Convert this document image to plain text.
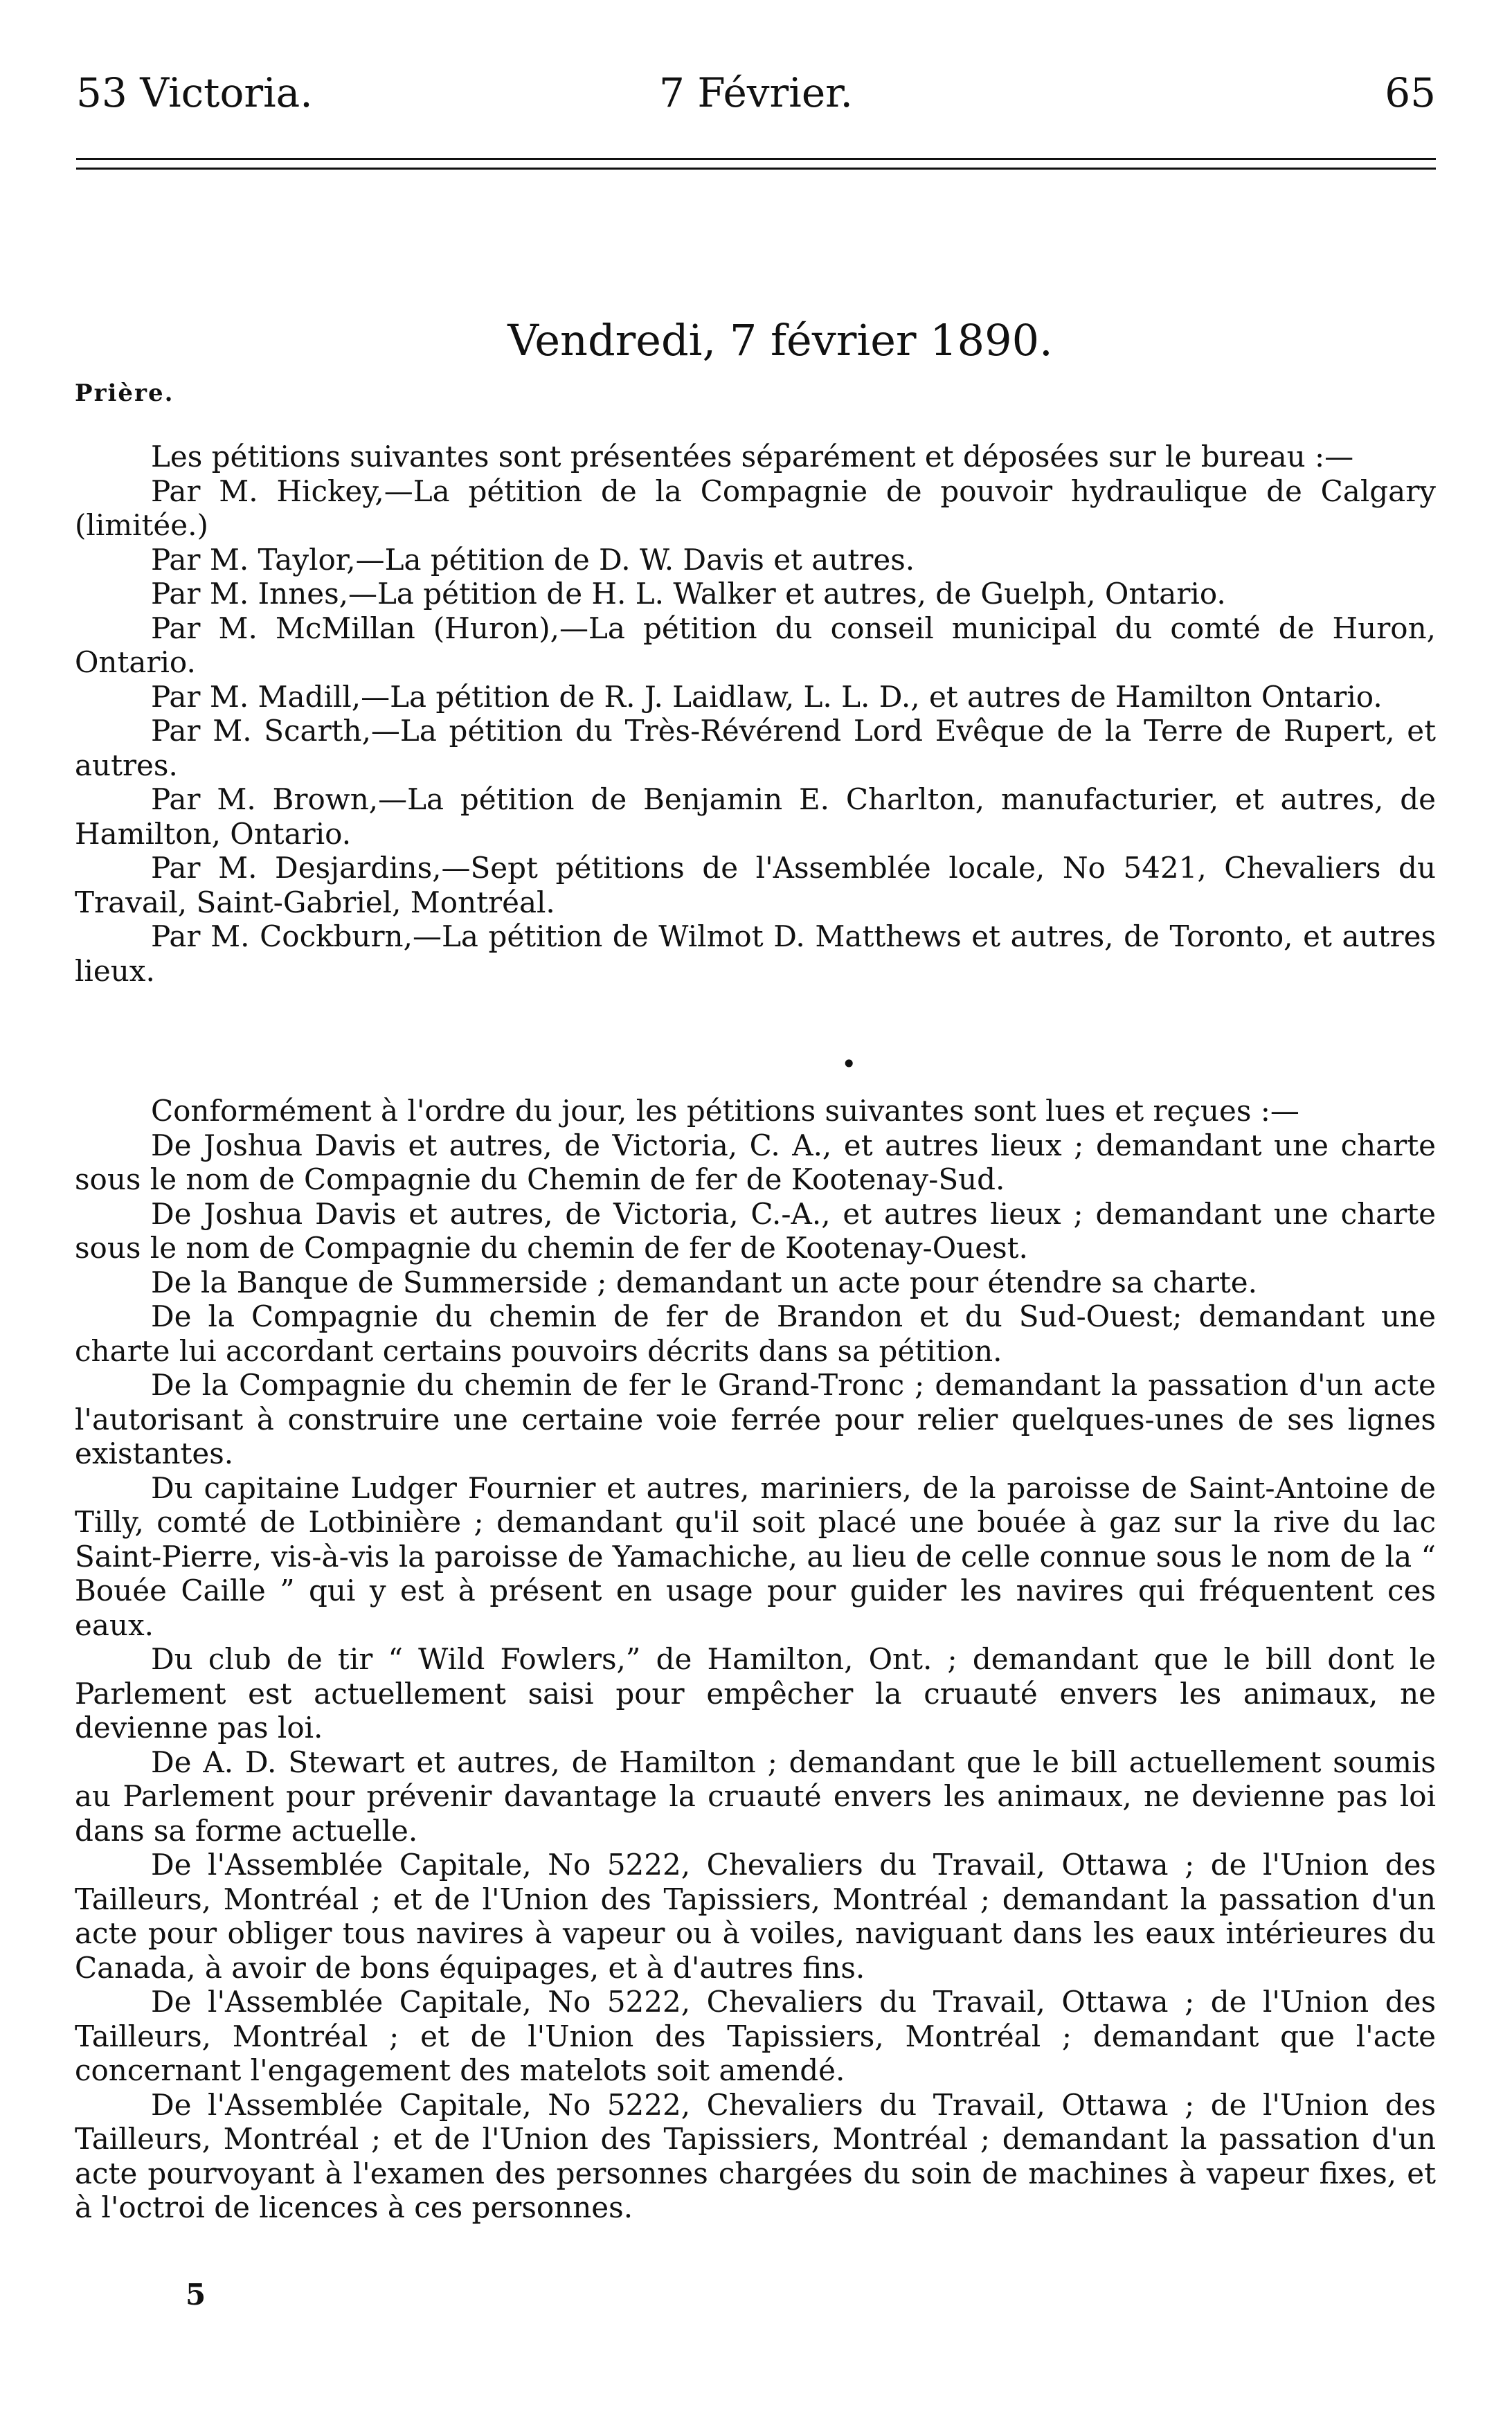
53 Victoria.	7 Février.	65
Vendredi, 7 février 1890.
Prière.

Les pétitions suivantes sont présentées séparément et déposées sur le bureau :—

Par M. Hickey,—La pétition de la Compagnie de pouvoir hydraulique de Calgary (limitée.)

Par M. Taylor,—La pétition de D. W. Davis et autres.

Par M. Innes,—La pétition de H. L. Walker et autres, de Guelph, Ontario.

Par M. McMillan (Huron),—La pétition du conseil municipal du comté de Huron, Ontario.

Par M. Madill,—La pétition de R. J. Laidlaw, L. L. D., et autres de Hamilton Ontario.

Par M. Scarth,—La pétition du Très-Révérend Lord Evêque de la Terre de Rupert, et autres.

Par M. Brown,—La pétition de Benjamin E. Charlton, manufacturier, et autres, de Hamilton, Ontario.

Par M. Desjardins,—Sept pétitions de l'Assemblée locale, No 5421, Chevaliers du Travail, Saint-Gabriel, Montréal.

Par M. Cockburn,—La pétition de Wilmot D. Matthews et autres, de Toronto, et autres lieux.

•

Conformément à l'ordre du jour, les pétitions suivantes sont lues et reçues :—

De Joshua Davis et autres, de Victoria, C. A., et autres lieux ; demandant une charte sous le nom de Compagnie du Chemin de fer de Kootenay-Sud.

De Joshua Davis et autres, de Victoria, C.-A., et autres lieux ; demandant une charte sous le nom de Compagnie du chemin de fer de Kootenay-Ouest.

De la Banque de Summerside ; demandant un acte pour étendre sa charte.

De la Compagnie du chemin de fer de Brandon et du Sud-Ouest; demandant une charte lui accordant certains pouvoirs décrits dans sa pétition.

De la Compagnie du chemin de fer le Grand-Tronc ; demandant la passation d'un acte l'autorisant à construire une certaine voie ferrée pour relier quelques-unes de ses lignes existantes.

Du capitaine Ludger Fournier et autres, mariniers, de la paroisse de Saint-Antoine de Tilly, comté de Lotbinière ; demandant qu'il soit placé une bouée à gaz sur la rive du lac Saint-Pierre, vis-à-vis la paroisse de Yamachiche, au lieu de celle connue sous le nom de la “ Bouée Caille ” qui y est à présent en usage pour guider les navires qui fréquentent ces eaux.

Du club de tir “ Wild Fowlers,” de Hamilton, Ont. ; demandant que le bill dont le Parlement est actuellement saisi pour empêcher la cruauté envers les animaux, ne devienne pas loi.

De A. D. Stewart et autres, de Hamilton ; demandant que le bill actuellement soumis au Parlement pour prévenir davantage la cruauté envers les animaux, ne devienne pas loi dans sa forme actuelle.

De l'Assemblée Capitale, No 5222, Chevaliers du Travail, Ottawa ; de l'Union des Tailleurs, Montréal ; et de l'Union des Tapissiers, Montréal ; demandant la passation d'un acte pour obliger tous navires à vapeur ou à voiles, naviguant dans les eaux intérieures du Canada, à avoir de bons équipages, et à d'autres fins.

De l'Assemblée Capitale, No 5222, Chevaliers du Travail, Ottawa ; de l'Union des Tailleurs, Montréal ; et de l'Union des Tapissiers, Montréal ; demandant que l'acte concernant l'engagement des matelots soit amendé.

De l'Assemblée Capitale, No 5222, Chevaliers du Travail, Ottawa ; de l'Union des Tailleurs, Montréal ; et de l'Union des Tapissiers, Montréal ; demandant la passation d'un acte pourvoyant à l'examen des personnes chargées du soin de machines à vapeur fixes, et à l'octroi de licences à ces personnes.

5
